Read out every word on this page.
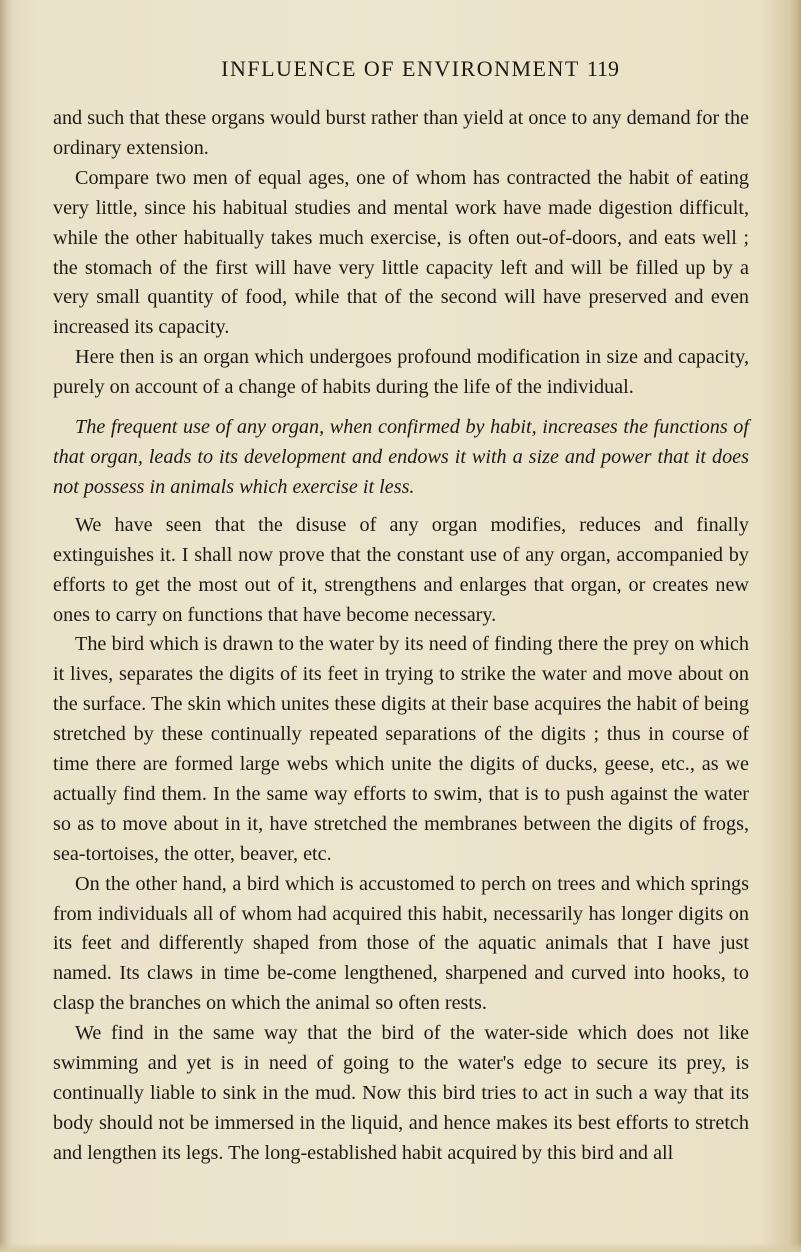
INFLUENCE OF ENVIRONMENT 119

and such that these organs would burst rather than yield at once to any demand for the ordinary extension.

Compare two men of equal ages, one of whom has contracted the habit of eating very little, since his habitual studies and mental work have made digestion difficult, while the other habitually takes much exercise, is often out-of-doors, and eats well ; the stomach of the first will have very little capacity left and will be filled up by a very small quantity of food, while that of the second will have preserved and even increased its capacity.

Here then is an organ which undergoes profound modification in size and capacity, purely on account of a change of habits during the life of the individual.

The frequent use of any organ, when confirmed by habit, increases the functions of that organ, leads to its development and endows it with a size and power that it does not possess in animals which exercise it less.

We have seen that the disuse of any organ modifies, reduces and finally extinguishes it. I shall now prove that the constant use of any organ, accompanied by efforts to get the most out of it, strengthens and enlarges that organ, or creates new ones to carry on functions that have become necessary.

The bird which is drawn to the water by its need of finding there the prey on which it lives, separates the digits of its feet in trying to strike the water and move about on the surface. The skin which unites these digits at their base acquires the habit of being stretched by these continually repeated separations of the digits ; thus in course of time there are formed large webs which unite the digits of ducks, geese, etc., as we actually find them. In the same way efforts to swim, that is to push against the water so as to move about in it, have stretched the membranes between the digits of frogs, sea-tortoises, the otter, beaver, etc.

On the other hand, a bird which is accustomed to perch on trees and which springs from individuals all of whom had acquired this habit, necessarily has longer digits on its feet and differently shaped from those of the aquatic animals that I have just named. Its claws in time be-come lengthened, sharpened and curved into hooks, to clasp the branches on which the animal so often rests.

We find in the same way that the bird of the water-side which does not like swimming and yet is in need of going to the water's edge to secure its prey, is continually liable to sink in the mud. Now this bird tries to act in such a way that its body should not be immersed in the liquid, and hence makes its best efforts to stretch and lengthen its legs. The long-established habit acquired by this bird and all
